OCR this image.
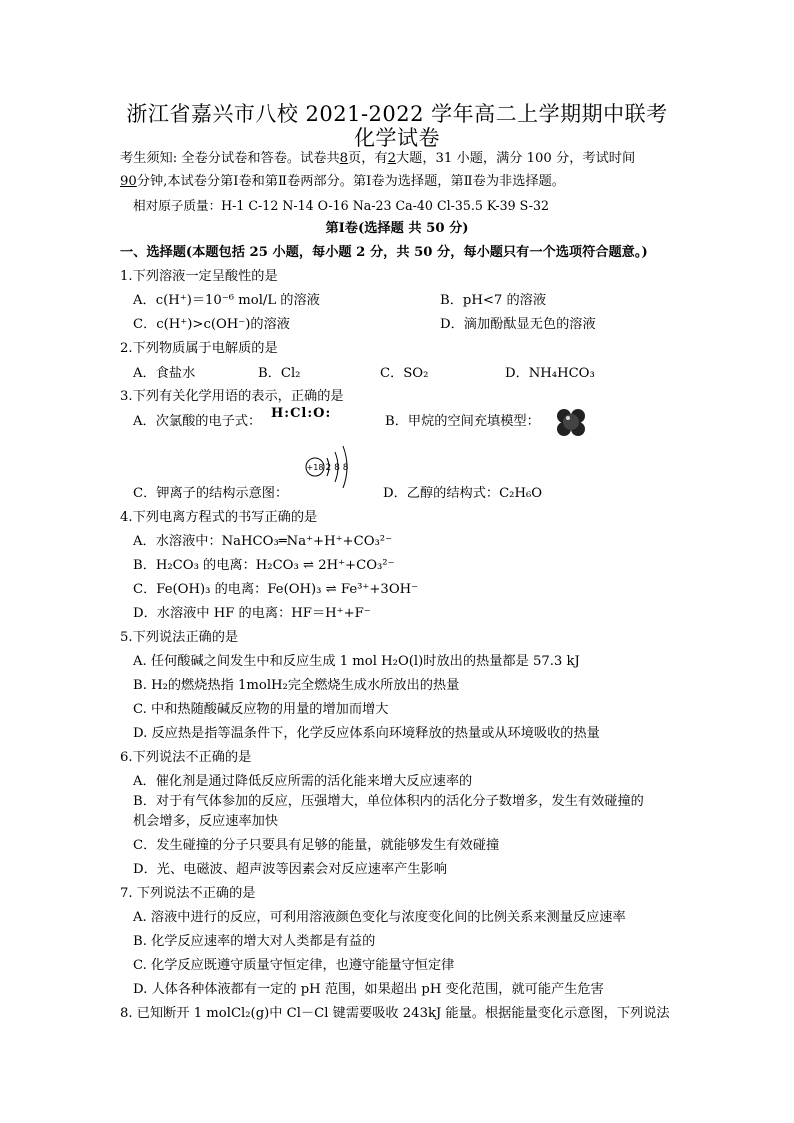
浙江省嘉兴市八校 2021-2022 学年高二上学期期中联考
化学试卷
考生须知: 全卷分试卷和答卷。试卷共8页，有2大题，31 小题，满分 100 分，考试时间
90分钟,本试卷分第Ⅰ卷和第Ⅱ卷两部分。第Ⅰ卷为选择题，第Ⅱ卷为非选择题。
相对原子质量：H-1 C-12 N-14 O-16 Na-23 Ca-40 Cl-35.5 K-39 S-32
第Ⅰ卷(选择题 共 50 分)
一、选择题(本题包括 25 小题，每小题 2 分，共 50 分，每小题只有一个选项符合题意。)
1.下列溶液一定呈酸性的是
A．c(H⁺)＝10⁻⁶ mol/L 的溶液	B．pH<7 的溶液
C．c(H⁺)>c(OH⁻)的溶液	D．滴加酚酞显无色的溶液
2.下列物质属于电解质的是
A．食盐水	B．Cl₂	C．SO₂	D．NH₄HCO₃
3.下列有关化学用语的表示，正确的是
A．次氯酸的电子式：
H:Cl:O:
B．甲烷的空间充填模型：
+18 2 8 8
C．钾离子的结构示意图：	D．乙醇的结构式：C₂H₆O
4.下列电离方程式的书写正确的是
A．水溶液中：NaHCO₃═Na⁺+H⁺+CO₃²⁻
B．H₂CO₃ 的电离：H₂CO₃ ⇌ 2H⁺+CO₃²⁻
C．Fe(OH)₃ 的电离：Fe(OH)₃ ⇌ Fe³⁺+3OH⁻
D．水溶液中 HF 的电离：HF＝H⁺+F⁻
5.下列说法正确的是
A. 任何酸碱之间发生中和反应生成 1 mol H₂O(l)时放出的热量都是 57.3 kJ
B. H₂的燃烧热指 1molH₂完全燃烧生成水所放出的热量
C. 中和热随酸碱反应物的用量的增加而增大
D. 反应热是指等温条件下，化学反应体系向环境释放的热量或从环境吸收的热量
6.下列说法不正确的是
A．催化剂是通过降低反应所需的活化能来增大反应速率的
B．对于有气体参加的反应，压强增大，单位体积内的活化分子数增多，发生有效碰撞的
机会增多，反应速率加快
C．发生碰撞的分子只要具有足够的能量，就能够发生有效碰撞
D．光、电磁波、超声波等因素会对反应速率产生影响
7. 下列说法不正确的是
A. 溶液中进行的反应，可利用溶液颜色变化与浓度变化间的比例关系来测量反应速率
B. 化学反应速率的增大对人类都是有益的
C. 化学反应既遵守质量守恒定律，也遵守能量守恒定律
D. 人体各种体液都有一定的 pH 范围，如果超出 pH 变化范围，就可能产生危害
8. 已知断开 1 molCl₂(g)中 Cl－Cl 键需要吸收 243kJ 能量。根据能量变化示意图，下列说法
